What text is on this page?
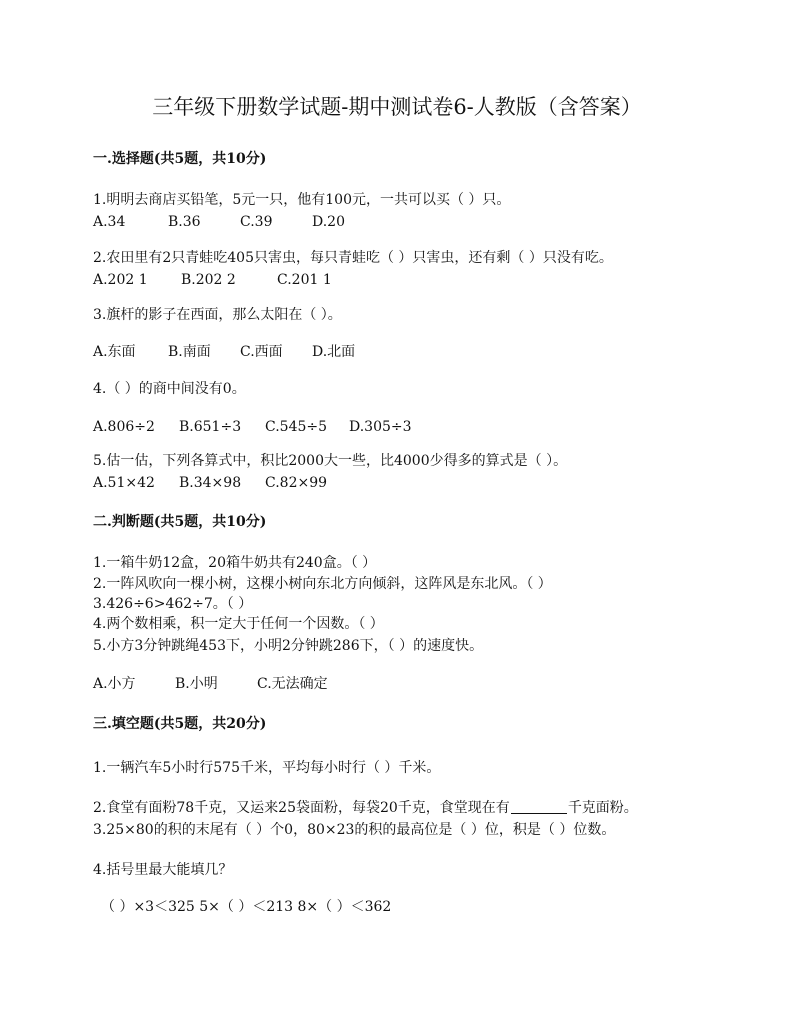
三年级下册数学试题-期中测试卷6-人教版（含答案）
一.选择题(共5题，共10分)
1.明明去商店买铅笔，5元一只，他有100元，一共可以买（ ）只。
A.34	B.36	C.39	D.20
2.农田里有2只青蛙吃405只害虫，每只青蛙吃（ ）只害虫，还有剩（ ）只没有吃。
A.202 1 B.202 2	C.201 1
3.旗杆的影子在西面，那么太阳在（ ）。
A.东面 B.南面 C.西面 D.北面
4.（ ）的商中间没有0。
A.806÷2 B.651÷3 C.545÷5 D.305÷3
5.估一估，下列各算式中，积比2000大一些，比4000少得多的算式是（ ）。
A.51×42 B.34×98 C.82×99
二.判断题(共5题，共10分)
1.一箱牛奶12盒，20箱牛奶共有240盒。（ ）
2.一阵风吹向一棵小树，这棵小树向东北方向倾斜，这阵风是东北风。（ ）
3.426÷6>462÷7。（ ）
4.两个数相乘，积一定大于任何一个因数。（ ）
5.小方3分钟跳绳453下，小明2分钟跳286下，（ ）的速度快。
A.小方	B.小明	C.无法确定
三.填空题(共5题，共20分)
1.一辆汽车5小时行575千米，平均每小时行（ ）千米。
2.食堂有面粉78千克，又运来25袋面粉，每袋20千克，食堂现在有	千克面粉。
3.25×80的积的末尾有（ ）个0，80×23的积的最高位是（ ）位，积是（ ）位数。
4.括号里最大能填几？
（ ）×3＜325 5×（ ）＜213 8×（ ）＜362
